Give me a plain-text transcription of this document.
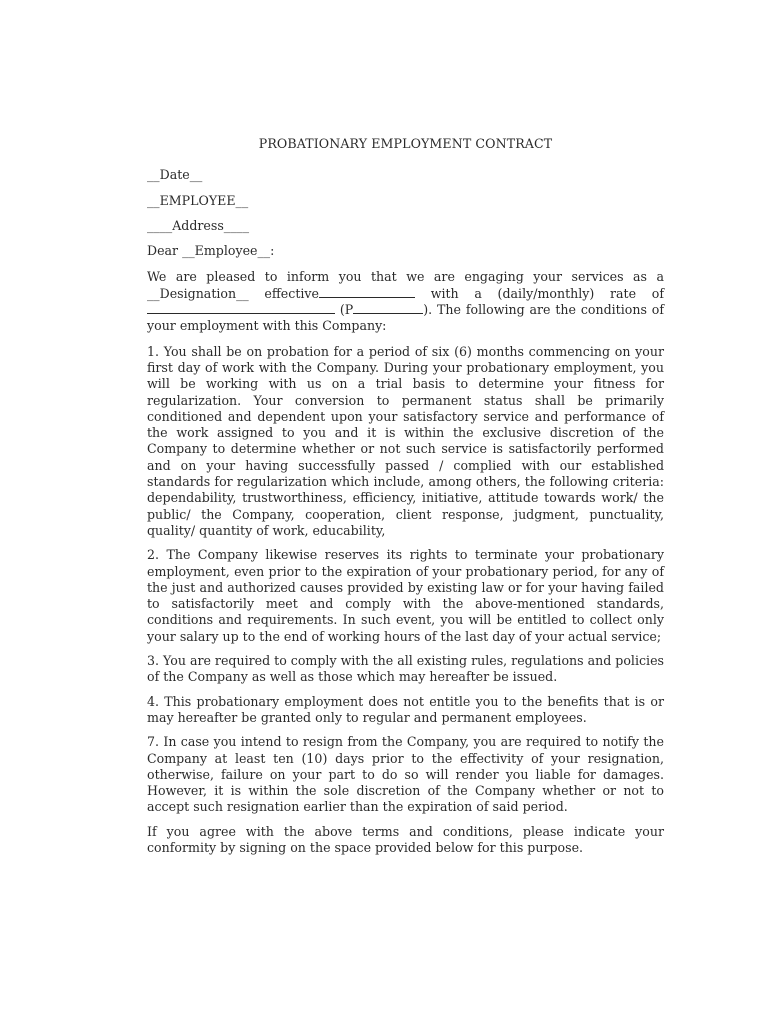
PROBATIONARY EMPLOYMENT CONTRACT
__Date__
__EMPLOYEE__
____Address____
Dear __Employee__:
We are pleased to inform you that we are engaging your services as a __Designation__ effective	with a (daily/monthly) rate of  (P	). The following are the conditions of your employment with this Company:
1. You shall be on probation for a period of six (6) months commencing on your first day of work with the Company. During your probationary employment, you will be working with us on a trial basis to determine your fitness for regularization. Your conversion to permanent status shall be primarily conditioned and dependent upon your satisfactory service and performance of the work assigned to you and it is within the exclusive discretion of the Company to determine whether or not such service is satisfactorily performed and on your having successfully passed / complied with our established standards for regularization which include, among others, the following criteria: dependability, trustworthiness, efficiency, initiative, attitude towards work/ the public/ the Company, cooperation, client response, judgment, punctuality, quality/ quantity of work, educability,
2. The Company likewise reserves its rights to terminate your probationary employment, even prior to the expiration of your probationary period, for any of the just and authorized causes provided by existing law or for your having failed to satisfactorily meet and comply with the above-mentioned standards, conditions and requirements. In such event, you will be entitled to collect only your salary up to the end of working hours of the last day of your actual service;
3. You are required to comply with the all existing rules, regulations and policies of the Company as well as those which may hereafter be issued.
4. This probationary employment does not entitle you to the benefits that is or may hereafter be granted only to regular and permanent employees.
7. In case you intend to resign from the Company, you are required to notify the Company at least ten (10) days prior to the effectivity of your resignation, otherwise, failure on your part to do so will render you liable for damages. However, it is within the sole discretion of the Company whether or not to accept such resignation earlier than the expiration of said period.
If you agree with the above terms and conditions, please indicate your conformity by signing on the space provided below for this purpose.
